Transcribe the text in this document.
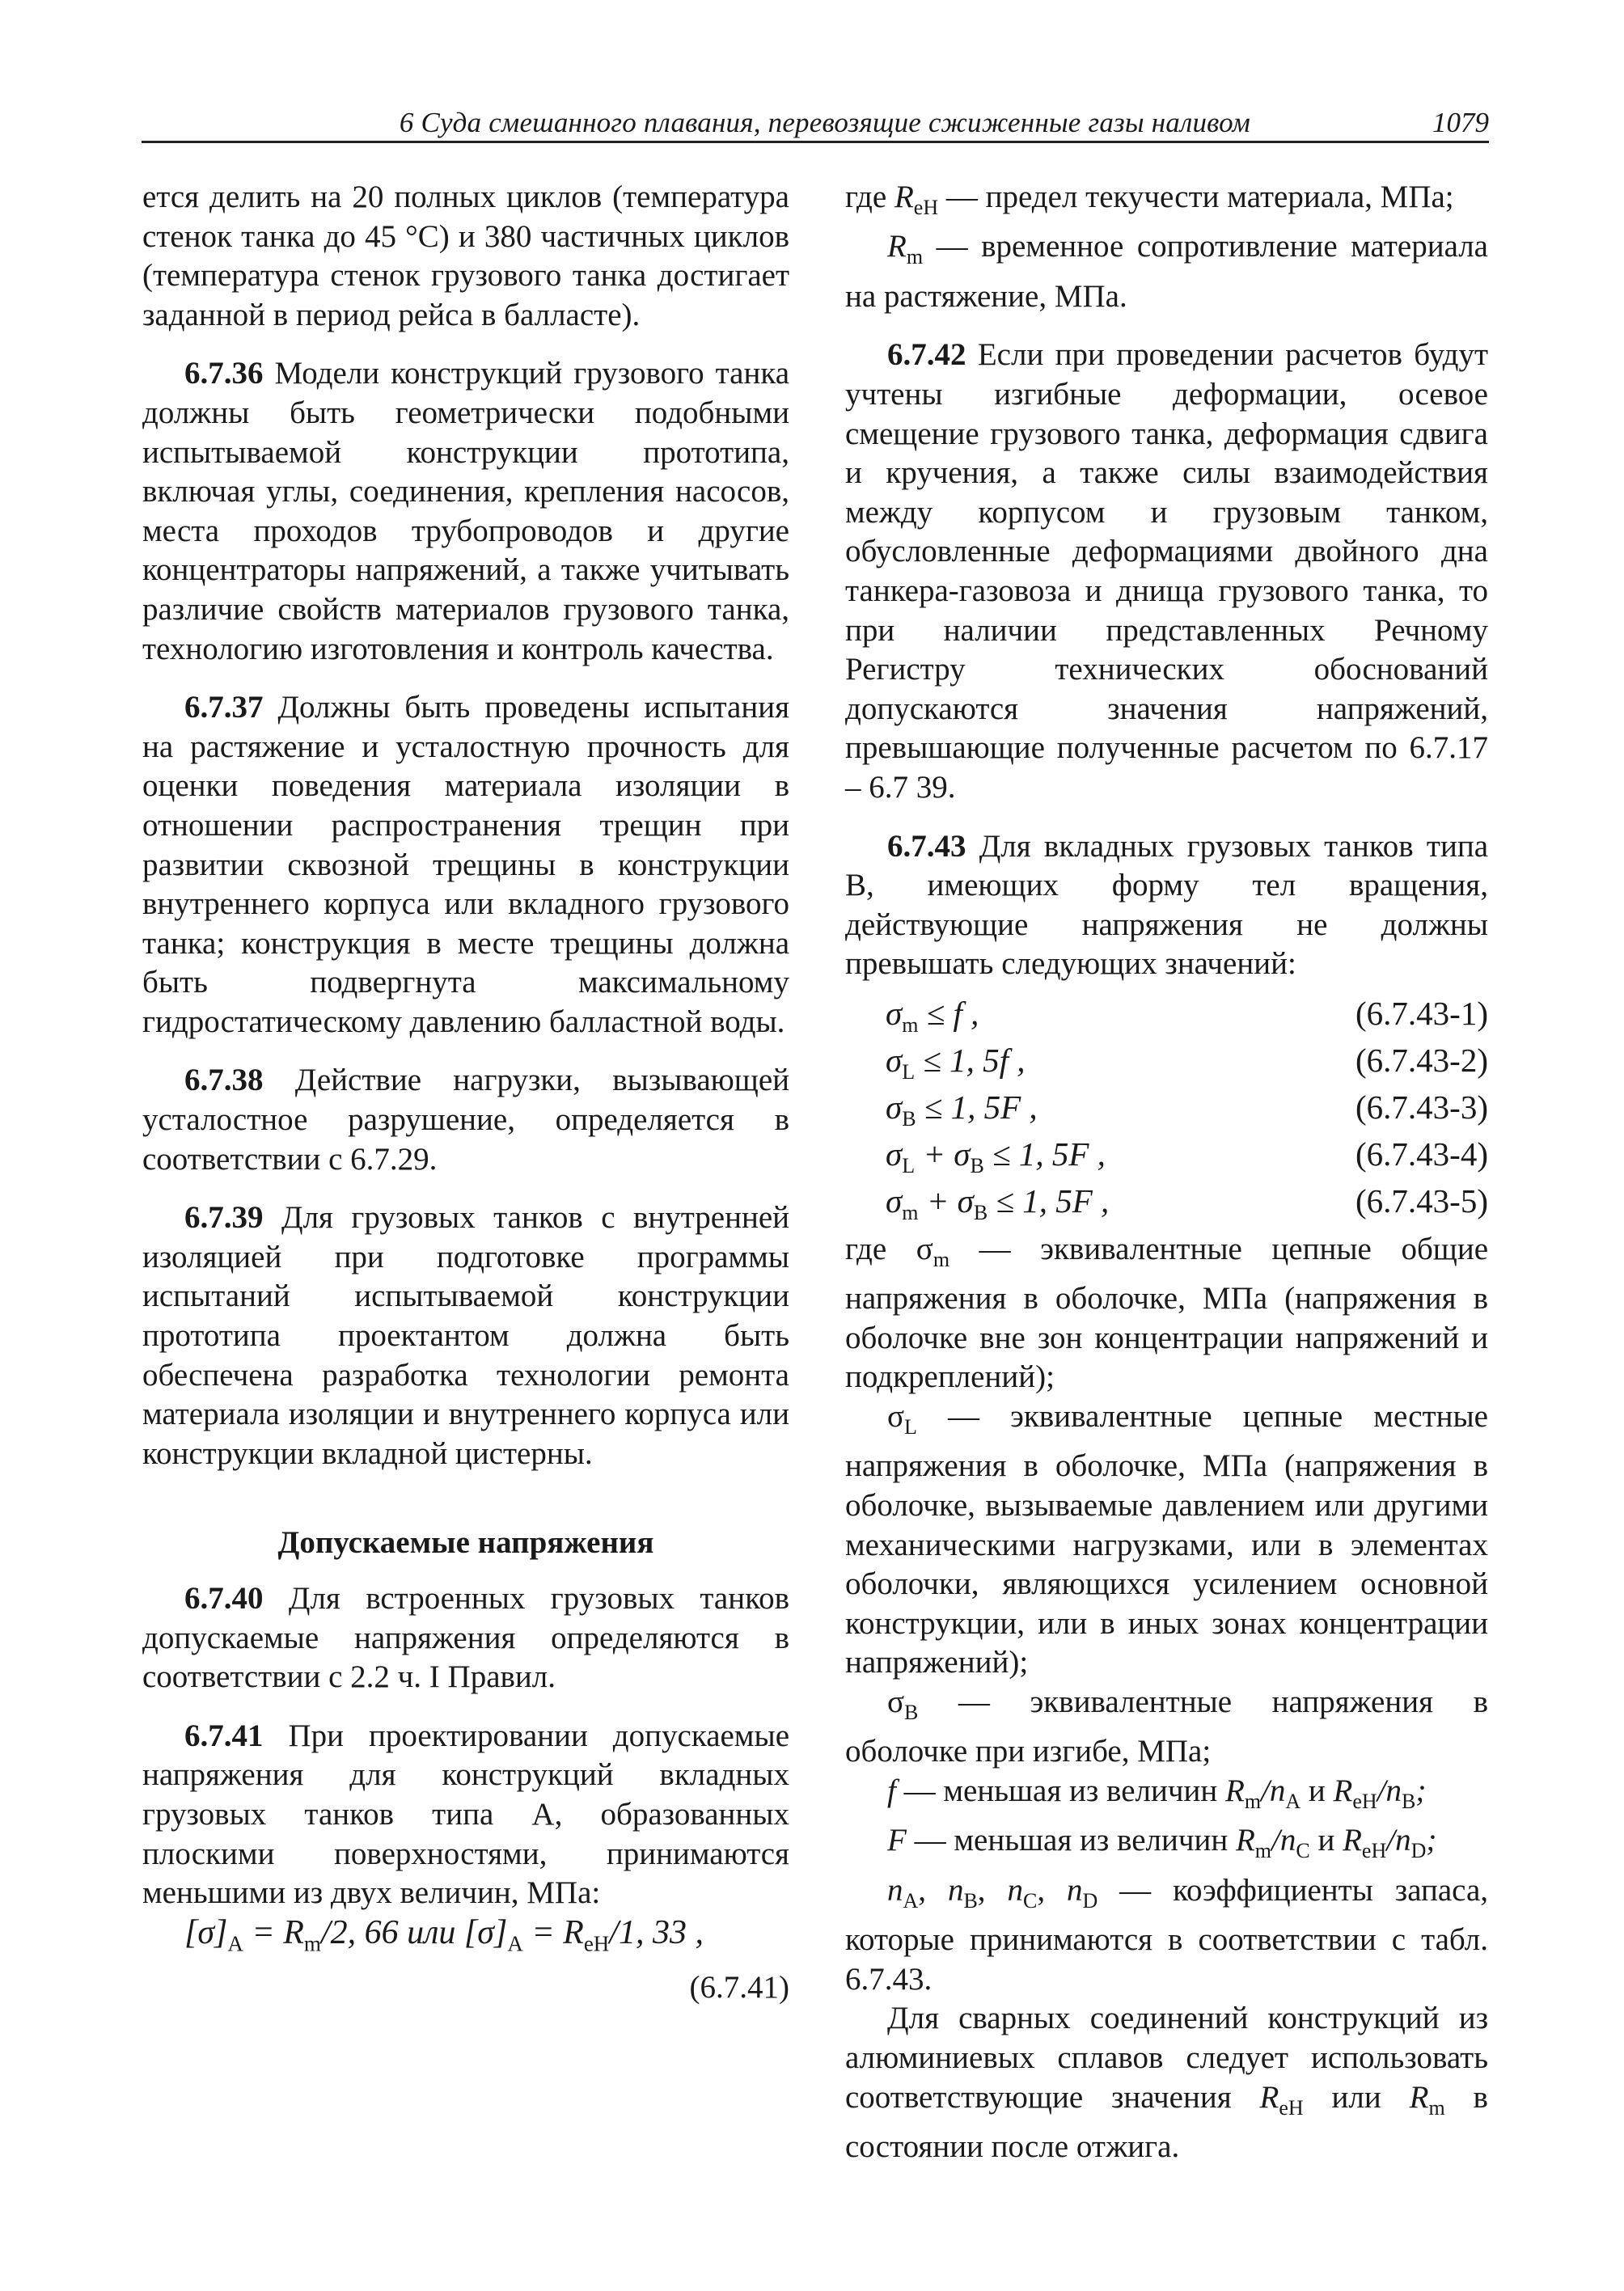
6 Суда смешанного плавания, перевозящие сжиженные газы наливом	1079

ется делить на 20 полных циклов (температура стенок танка до 45 °С) и 380 частичных циклов (температура стенок грузового танка достигает заданной в период рейса в балласте).

6.7.36 Модели конструкций грузового танка должны быть геометрически подобными испытываемой конструкции прототипа, включая углы, соединения, крепления насосов, места проходов трубопроводов и другие концентраторы напряжений, а также учитывать различие свойств материалов грузового танка, технологию изготовления и контроль качества.

6.7.37 Должны быть проведены испытания на растяжение и усталостную прочность для оценки поведения материала изоляции в отношении распространения трещин при развитии сквозной трещины в конструкции внутреннего корпуса или вкладного грузового танка; конструкция в месте трещины должна быть подвергнута максимальному гидростатическому давлению балластной воды.

6.7.38 Действие нагрузки, вызывающей усталостное разрушение, определяется в соответствии с 6.7.29.

6.7.39 Для грузовых танков с внутренней изоляцией при подготовке программы испытаний испытываемой конструкции прототипа проектантом должна быть обеспечена разработка технологии ремонта материала изоляции и внутреннего корпуса или конструкции вкладной цистерны.

Допускаемые напряжения

6.7.40 Для встроенных грузовых танков допускаемые напряжения определяются в соответствии с 2.2 ч. I Правил.

6.7.41 При проектировании допускаемые напряжения для конструкций вкладных грузовых танков типа A, образованных плоскими поверхностями, принимаются меньшими из двух величин, МПа:

$[\sigma]_A = R_m/2$, 66 или $[\sigma]_A = R_{eH}/1$, 33 ,
(6.7.41)

где $R_{eH}$ — предел текучести материала, МПа;

$R_m$ — временное сопротивление материала на растяжение, МПа.

6.7.42 Если при проведении расчетов будут учтены изгибные деформации, осевое смещение грузового танка, деформация сдвига и кручения, а также силы взаимодействия между корпусом и грузовым танком, обусловленные деформациями двойного дна танкера-газовоза и днища грузового танка, то при наличии представленных Речному Регистру технических обоснований допускаются значения напряжений, превышающие полученные расчетом по 6.7.17 – 6.7 39.

6.7.43 Для вкладных грузовых танков типа B, имеющих форму тел вращения, действующие напряжения не должны превышать следующих значений:

$\sigma_m \le f$ ,	(6.7.43-1)
$\sigma_L \le 1$, 5f ,	(6.7.43-2)
$\sigma_B \le 1$, 5F ,	(6.7.43-3)
$\sigma_L + \sigma_B \le 1$, 5F ,	(6.7.43-4)
$\sigma_m + \sigma_B \le 1$, 5F ,	(6.7.43-5)

где $\sigma_m$ — эквивалентные цепные общие напряжения в оболочке, МПа (напряжения в оболочке вне зон концентрации напряжений и подкреплений);

$\sigma_L$ — эквивалентные цепные местные напряжения в оболочке, МПа (напряжения в оболочке, вызываемые давлением или другими механическими нагрузками, или в элементах оболочки, являющихся усилением основной конструкции, или в иных зонах концентрации напряжений);

$\sigma_B$ — эквивалентные напряжения в оболочке при изгибе, МПа;

f — меньшая из величин $R_m/n_A$ и $R_{eH}/n_B$;

F — меньшая из величин $R_m/n_C$ и $R_{eH}/n_D$;

$n_A$, $n_B$, $n_C$, $n_D$ — коэффициенты запаса, которые принимаются в соответствии с табл. 6.7.43.

Для сварных соединений конструкций из алюминиевых сплавов следует использовать соответствующие значения $R_{eH}$ или $R_m$ в состоянии после отжига.
